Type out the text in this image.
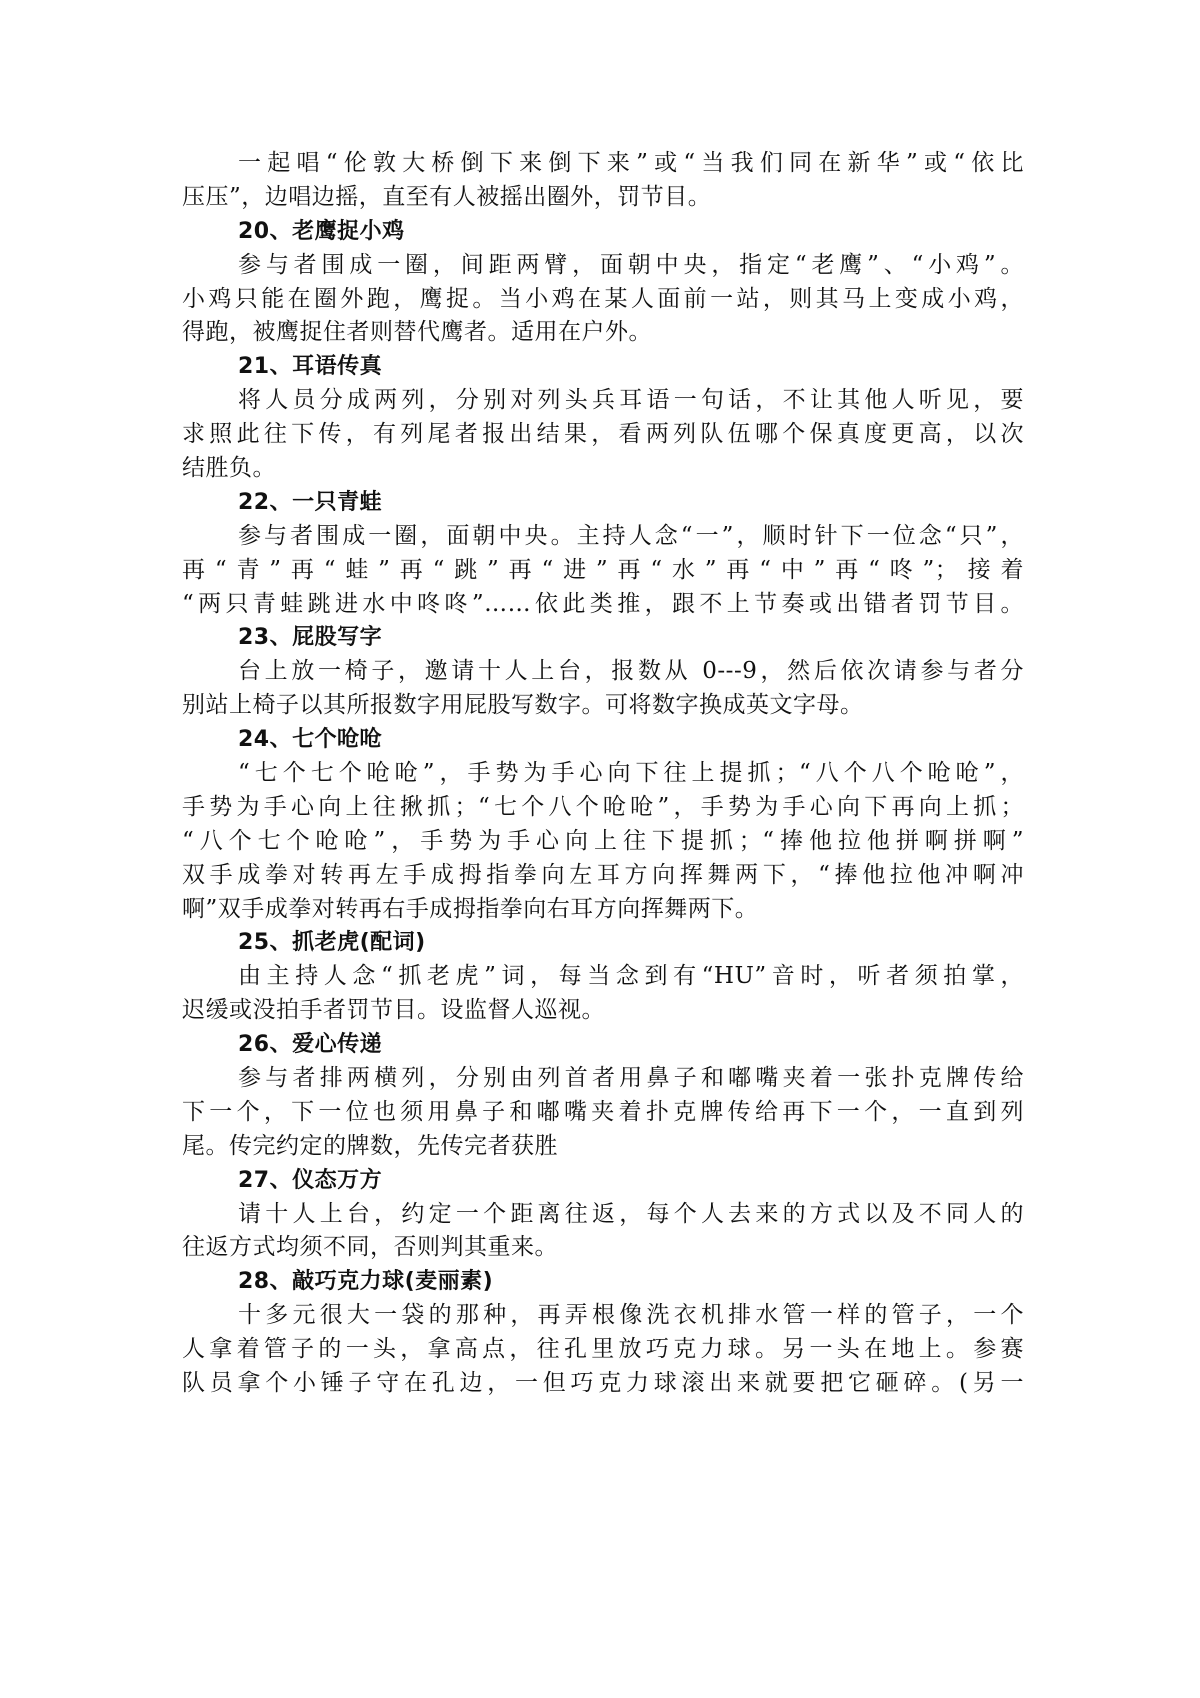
一起唱“伦敦大桥倒下来倒下来”或“当我们同在新华”或“依比
压压”，边唱边摇，直至有人被摇出圈外，罚节目。
20、老鹰捉小鸡
参与者围成一圈，间距两臂，面朝中央，指定“老鹰”、“小鸡”。
小鸡只能在圈外跑，鹰捉。当小鸡在某人面前一站，则其马上变成小鸡，
得跑，被鹰捉住者则替代鹰者。适用在户外。
21、耳语传真
将人员分成两列，分别对列头兵耳语一句话，不让其他人听见，要
求照此往下传，有列尾者报出结果，看两列队伍哪个保真度更高，以次
结胜负。
22、一只青蛙
参与者围成一圈，面朝中央。主持人念“一”，顺时针下一位念“只”，
再“青”再“蛙”再“跳”再“进”再“水”再“中”再“咚”；接着
“两只青蛙跳进水中咚咚”……依此类推，跟不上节奏或出错者罚节目。
23、屁股写字
台上放一椅子，邀请十人上台，报数从 0---9，然后依次请参与者分
别站上椅子以其所报数字用屁股写数字。可将数字换成英文字母。
24、七个呛呛
“七个七个呛呛”，手势为手心向下往上提抓；“八个八个呛呛”，
手势为手心向上往揪抓；“七个八个呛呛”，手势为手心向下再向上抓；
“八个七个呛呛”，手势为手心向上往下提抓；“捧他拉他拼啊拼啊”
双手成拳对转再左手成拇指拳向左耳方向挥舞两下，“捧他拉他冲啊冲
啊”双手成拳对转再右手成拇指拳向右耳方向挥舞两下。
25、抓老虎(配词)
由主持人念“抓老虎”词，每当念到有“HU”音时，听者须拍掌，
迟缓或没拍手者罚节目。设监督人巡视。
26、爱心传递
参与者排两横列，分别由列首者用鼻子和嘟嘴夹着一张扑克牌传给
下一个，下一位也须用鼻子和嘟嘴夹着扑克牌传给再下一个，一直到列
尾。传完约定的牌数，先传完者获胜
27、仪态万方
请十人上台，约定一个距离往返，每个人去来的方式以及不同人的
往返方式均须不同，否则判其重来。
28、敲巧克力球(麦丽素)
十多元很大一袋的那种，再弄根像洗衣机排水管一样的管子，一个
人拿着管子的一头，拿高点，往孔里放巧克力球。另一头在地上。参赛
队员拿个小锤子守在孔边，一但巧克力球滚出来就要把它砸碎。(另一
